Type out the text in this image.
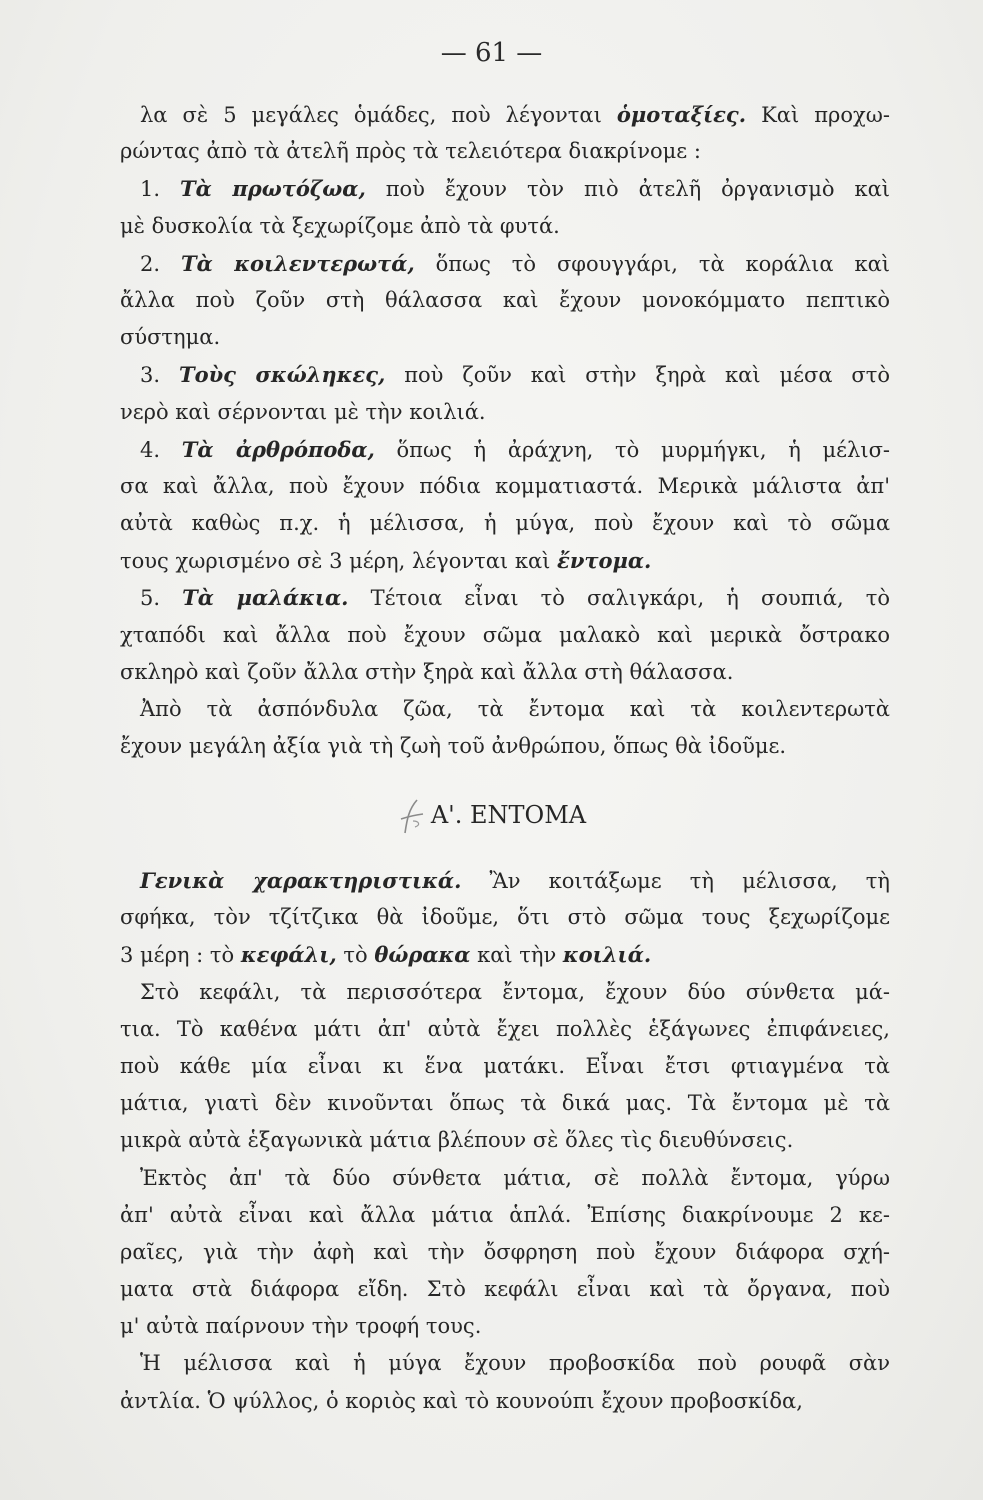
— 61 —
λα σὲ 5 μεγάλες ὁμάδες, ποὺ λέγονται ὁμοταξίες. Καὶ προχω-
ρώντας ἀπὸ τὰ ἀτελῆ πρὸς τὰ τελειότερα διακρίνομε :
1. Τὰ πρωτόζωα, ποὺ ἔχουν τὸν πιὸ ἀτελῆ ὀργανισμὸ καὶ
μὲ δυσκολία τὰ ξεχωρίζομε ἀπὸ τὰ φυτά.
2. Τὰ κοιλεντερωτά, ὅπως τὸ σφουγγάρι, τὰ κοράλια καὶ
ἄλλα ποὺ ζοῦν στὴ θάλασσα καὶ ἔχουν μονοκόμματο πεπτικὸ
σύστημα.
3. Τοὺς σκώληκες, ποὺ ζοῦν καὶ στὴν ξηρὰ καὶ μέσα στὸ
νερὸ καὶ σέρνονται μὲ τὴν κοιλιά.
4. Τὰ ἀρθρόποδα, ὅπως ἡ ἀράχνη, τὸ μυρμήγκι, ἡ μέλισ-
σα καὶ ἄλλα, ποὺ ἔχουν πόδια κομματιαστά. Μερικὰ μάλιστα ἀπ'
αὐτὰ καθὼς π.χ. ἡ μέλισσα, ἡ μύγα, ποὺ ἔχουν καὶ τὸ σῶμα
τους χωρισμένο σὲ 3 μέρη, λέγονται καὶ ἔντομα.
5. Τὰ μαλάκια. Τέτοια εἶναι τὸ σαλιγκάρι, ἡ σουπιά, τὸ
χταπόδι καὶ ἄλλα ποὺ ἔχουν σῶμα μαλακὸ καὶ μερικὰ ὄστρακο
σκληρὸ καὶ ζοῦν ἄλλα στὴν ξηρὰ καὶ ἄλλα στὴ θάλασσα.
Ἀπὸ τὰ ἀσπόνδυλα ζῶα, τὰ ἔντομα καὶ τὰ κοιλεντερωτὰ
ἔχουν μεγάλη ἀξία γιὰ τὴ ζωὴ τοῦ ἀνθρώπου, ὅπως θὰ ἰδοῦμε.
Α'. ΕΝΤΟΜΑ
Γενικὰ χαρακτηριστικά. Ἂν κοιτάξωμε τὴ μέλισσα, τὴ
σφήκα, τὸν τζίτζικα θὰ ἰδοῦμε, ὅτι στὸ σῶμα τους ξεχωρίζομε
3 μέρη : τὸ κεφάλι, τὸ θώρακα καὶ τὴν κοιλιά.
Στὸ κεφάλι, τὰ περισσότερα ἔντομα, ἔχουν δύο σύνθετα μά-
τια. Τὸ καθένα μάτι ἀπ' αὐτὰ ἔχει πολλὲς ἑξάγωνες ἐπιφάνειες,
ποὺ κάθε μία εἶναι κι ἕνα ματάκι. Εἶναι ἔτσι φτιαγμένα τὰ
μάτια, γιατὶ δὲν κινοῦνται ὅπως τὰ δικά μας. Τὰ ἔντομα μὲ τὰ
μικρὰ αὐτὰ ἑξαγωνικὰ μάτια βλέπουν σὲ ὅλες τὶς διευθύνσεις.
Ἐκτὸς ἀπ' τὰ δύο σύνθετα μάτια, σὲ πολλὰ ἔντομα, γύρω
ἀπ' αὐτὰ εἶναι καὶ ἄλλα μάτια ἁπλά. Ἐπίσης διακρίνουμε 2 κε-
ραῖες, γιὰ τὴν ἀφὴ καὶ τὴν ὄσφρηση ποὺ ἔχουν διάφορα σχή-
ματα στὰ διάφορα εἴδη. Στὸ κεφάλι εἶναι καὶ τὰ ὄργανα, ποὺ
μ' αὐτὰ παίρνουν τὴν τροφή τους.
Ἡ μέλισσα καὶ ἡ μύγα ἔχουν προβοσκίδα ποὺ ρουφᾶ σὰν
ἀντλία. Ὁ ψύλλος, ὁ κοριὸς καὶ τὸ κουνούπι ἔχουν προβοσκίδα,
